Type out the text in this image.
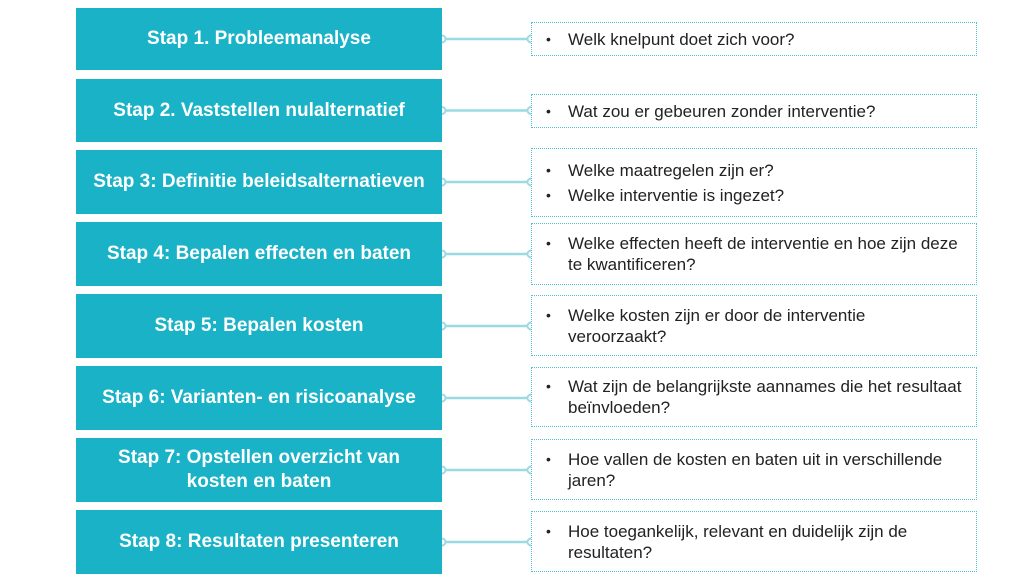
Stap 1. Probleemanalyse	•	Welk knelpunt doet zich voor?
Stap 2. Vaststellen nulalternatief	•	Wat zou er gebeuren zonder interventie?
Stap 3: Definitie beleidsalternatieven
•	Welke maatregelen zijn er?
•	Welke interventie is ingezet?
Stap 4: Bepalen effecten en baten	•	Welke effecten heeft de interventie en hoe zijn deze te kwantificeren?
Stap 5: Bepalen kosten
•	Welke kosten zijn er door de interventie veroorzaakt?
Stap 6: Varianten- en risicoanalyse
•	Wat zijn de belangrijkste aannames die het resultaat beïnvloeden?
Stap 7: Opstellen overzicht van kosten en baten
•	Hoe vallen de kosten en baten uit in verschillende jaren?
Stap 8: Resultaten presenteren
•	Hoe toegankelijk, relevant en duidelijk zijn de resultaten?
